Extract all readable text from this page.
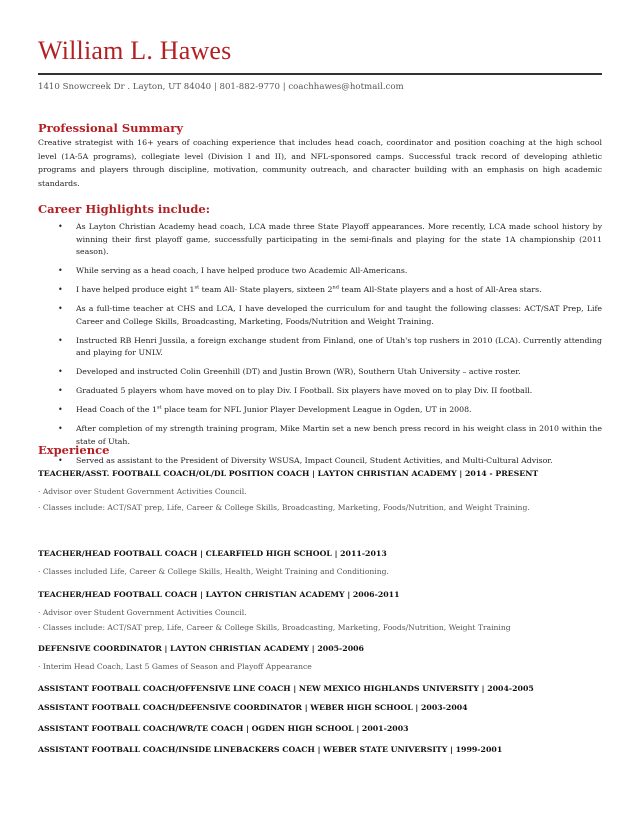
William L. Hawes
1410 Snowcreek Dr . Layton, UT 84040 | 801-882-9770 | coachhawes@hotmail.com
Professional Summary
Creative strategist with 16+ years of coaching experience that includes head coach, coordinator and position coaching at the high school level (1A-5A programs), collegiate level (Division I and II), and NFL-sponsored camps. Successful track record of developing athletic programs and players through discipline, motivation, community outreach, and character building with an emphasis on high academic standards.
Career Highlights include:
• As Layton Christian Academy head coach, LCA made three State Playoff appearances. More recently, LCA made school history by winning their first playoff game, successfully participating in the semi-finals and playing for the state 1A championship (2011 season).
• While serving as a head coach, I have helped produce two Academic All-Americans.
• I have helped produce eight 1st team All- State players, sixteen 2nd team All-State players and a host of All-Area stars.
• As a full-time teacher at CHS and LCA, I have developed the curriculum for and taught the following classes: ACT/SAT Prep, Life Career and College Skills, Broadcasting, Marketing, Foods/Nutrition and Weight Training.
• Instructed RB Henri Jussila, a foreign exchange student from Finland, one of Utah's top rushers in 2010 (LCA). Currently attending and playing for UNLV.
• Developed and instructed Colin Greenhill (DT) and Justin Brown (WR), Southern Utah University – active roster.
• Graduated 5 players whom have moved on to play Div. I Football. Six players have moved on to play Div. II football.
• Head Coach of the 1st place team for NFL Junior Player Development League in Ogden, UT in 2008.
• After completion of my strength training program, Mike Martin set a new bench press record in his weight class in 2010 within the state of Utah.
• Served as assistant to the President of Diversity WSUSA, Impact Council, Student Activities, and Multi-Cultural Advisor.
Experience
TEACHER/ASST. FOOTBALL COACH/OL/DL POSITION COACH | LAYTON CHRISTIAN ACADEMY | 2014 - PRESENT
· Advisor over Student Government Activities Council.
· Classes include: ACT/SAT prep, Life, Career & College Skills, Broadcasting, Marketing, Foods/Nutrition, and Weight Training.
TEACHER/HEAD FOOTBALL COACH | CLEARFIELD HIGH SCHOOL | 2011-2013
· Classes included Life, Career & College Skills, Health, Weight Training and Conditioning.
TEACHER/HEAD FOOTBALL COACH | LAYTON CHRISTIAN ACADEMY | 2006-2011
· Advisor over Student Government Activities Council.
· Classes include: ACT/SAT prep, Life, Career & College Skills, Broadcasting, Marketing, Foods/Nutrition, Weight Training
DEFENSIVE COORDINATOR | LAYTON CHRISTIAN ACADEMY | 2005-2006
· Interim Head Coach, Last 5 Games of Season and Playoff Appearance
ASSISTANT FOOTBALL COACH/OFFENSIVE LINE COACH | NEW MEXICO HIGHLANDS UNIVERSITY | 2004-2005
ASSISTANT FOOTBALL COACH/DEFENSIVE COORDINATOR | WEBER HIGH SCHOOL | 2003-2004
ASSISTANT FOOTBALL COACH/WR/TE COACH | OGDEN HIGH SCHOOL | 2001-2003
ASSISTANT FOOTBALL COACH/INSIDE LINEBACKERS COACH | WEBER STATE UNIVERSITY | 1999-2001
